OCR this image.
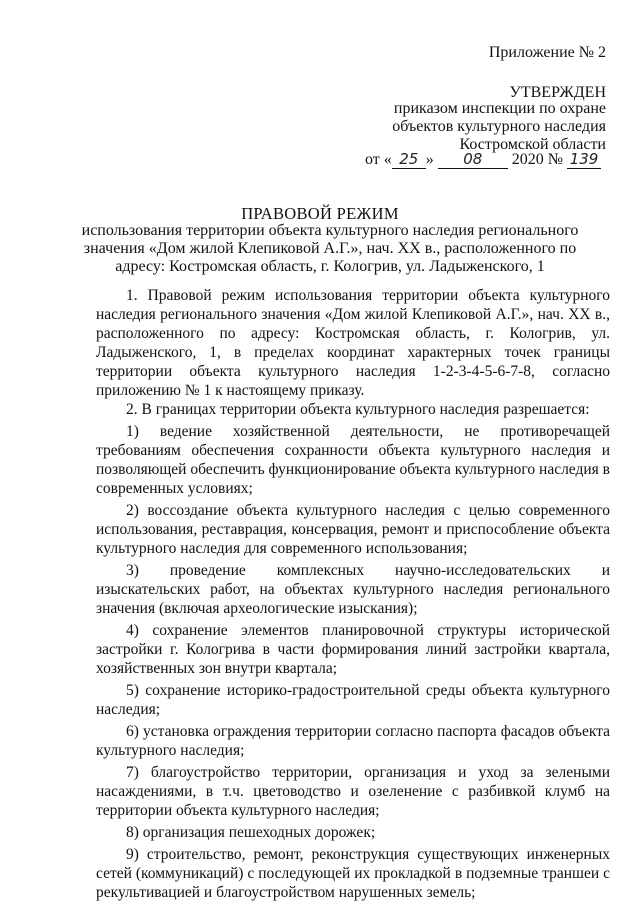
Приложение № 2
УТВЕРЖДЕН
приказом инспекции по охране
объектов культурного наследия
Костромской области
от « 25 » 08 2020 № 139
ПРАВОВОЙ РЕЖИМ
использования территории объекта культурного наследия регионального значения «Дом жилой Клепиковой А.Г.», нач. XX в., расположенного по адресу: Костромская область, г. Кологрив, ул. Ладыженского, 1

1. Правовой режим использования территории объекта культурного наследия регионального значения «Дом жилой Клепиковой А.Г.», нач. XX в., расположенного по адресу: Костромская область, г. Кологрив, ул. Ладыженского, 1, в пределах координат характерных точек границы территории объекта культурного наследия 1-2-3-4-5-6-7-8, согласно приложению № 1 к настоящему приказу.

2. В границах территории объекта культурного наследия разрешается:

1) ведение хозяйственной деятельности, не противоречащей требованиям обеспечения сохранности объекта культурного наследия и позволяющей обеспечить функционирование объекта культурного наследия в современных условиях;

2) воссоздание объекта культурного наследия с целью современного использования, реставрация, консервация, ремонт и приспособление объекта культурного наследия для современного использования;

3) проведение комплексных научно-исследовательских и изыскательских работ, на объектах культурного наследия регионального значения (включая археологические изыскания);

4) сохранение элементов планировочной структуры исторической застройки г. Кологрива в части формирования линий застройки квартала, хозяйственных зон внутри квартала;

5) сохранение историко-градостроительной среды объекта культурного наследия;

6) установка ограждения территории согласно паспорта фасадов объекта культурного наследия;

7) благоустройство территории, организация и уход за зелеными насаждениями, в т.ч. цветоводство и озеленение с разбивкой клумб на территории объекта культурного наследия;

8) организация пешеходных дорожек;

9) строительство, ремонт, реконструкция существующих инженерных сетей (коммуникаций) с последующей их прокладкой в подземные траншеи с рекультивацией и благоустройством нарушенных земель;
